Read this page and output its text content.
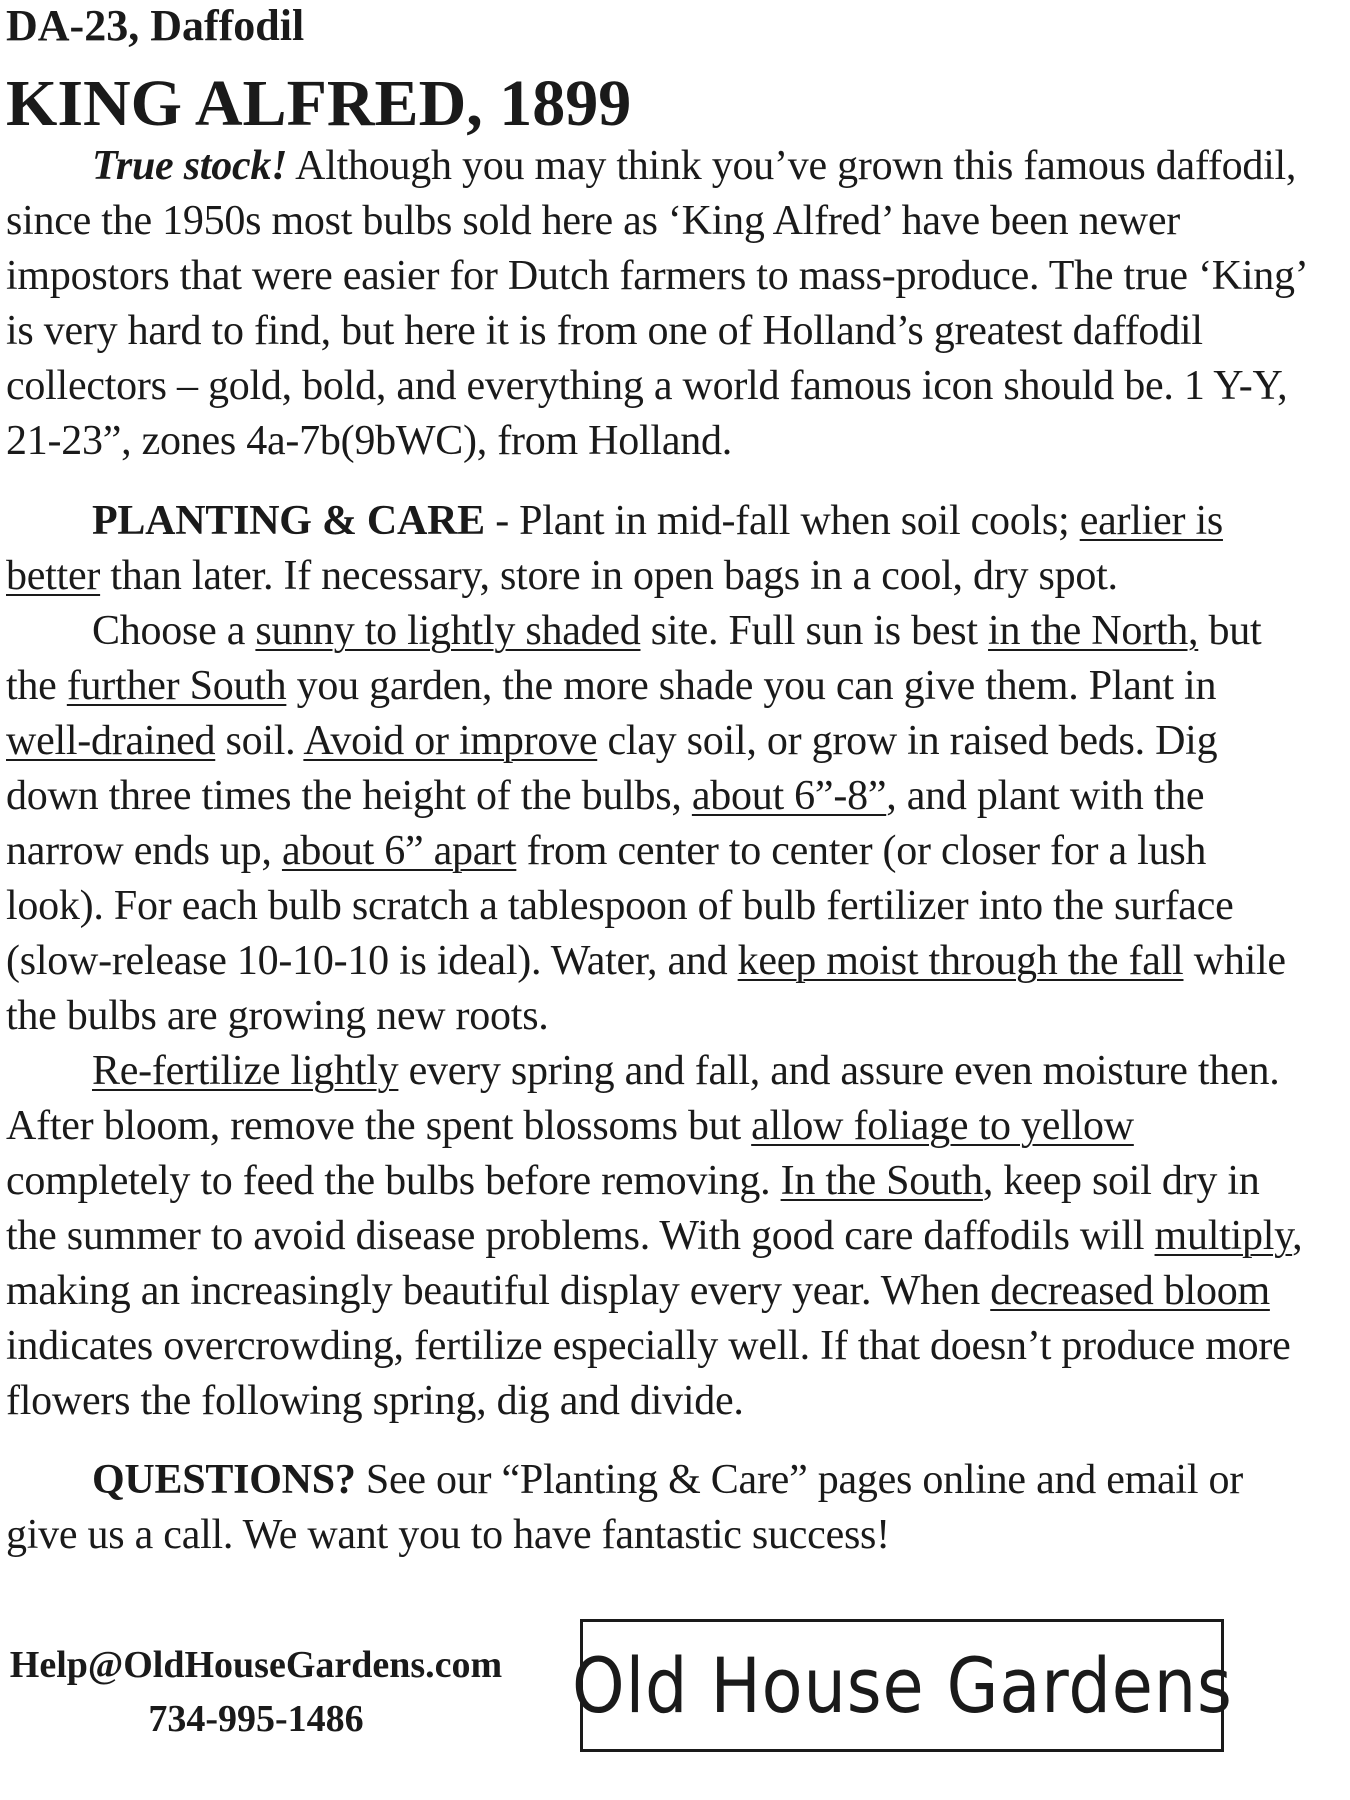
DA-23, Daffodil
KING ALFRED, 1899

True stock! Although you may think you’ve grown this famous daffodil, since the 1950s most bulbs sold here as ‘King Alfred’ have been newer impostors that were easier for Dutch farmers to mass-produce. The true ‘King’ is very hard to find, but here it is from one of Holland’s greatest daffodil collectors – gold, bold, and everything a world famous icon should be. 1 Y-Y, 21-23”, zones 4a-7b(9bWC), from Holland.

PLANTING & CARE - Plant in mid-fall when soil cools; earlier is better than later. If necessary, store in open bags in a cool, dry spot.

Choose a sunny to lightly shaded site. Full sun is best in the North, but the further South you garden, the more shade you can give them. Plant in well-drained soil. Avoid or improve clay soil, or grow in raised beds. Dig down three times the height of the bulbs, about 6”-8”, and plant with the narrow ends up, about 6” apart from center to center (or closer for a lush look). For each bulb scratch a tablespoon of bulb fertilizer into the surface (slow-release 10-10-10 is ideal). Water, and keep moist through the fall while the bulbs are growing new roots.

Re-fertilize lightly every spring and fall, and assure even moisture then. After bloom, remove the spent blossoms but allow foliage to yellow completely to feed the bulbs before removing. In the South, keep soil dry in the summer to avoid disease problems. With good care daffodils will multiply, making an increasingly beautiful display every year. When decreased bloom indicates overcrowding, fertilize especially well. If that doesn’t produce more flowers the following spring, dig and divide.

QUESTIONS? See our “Planting & Care” pages online and email or give us a call. We want you to have fantastic success!

Help@OldHouseGardens.com
734-995-1486	Old House Gardens
